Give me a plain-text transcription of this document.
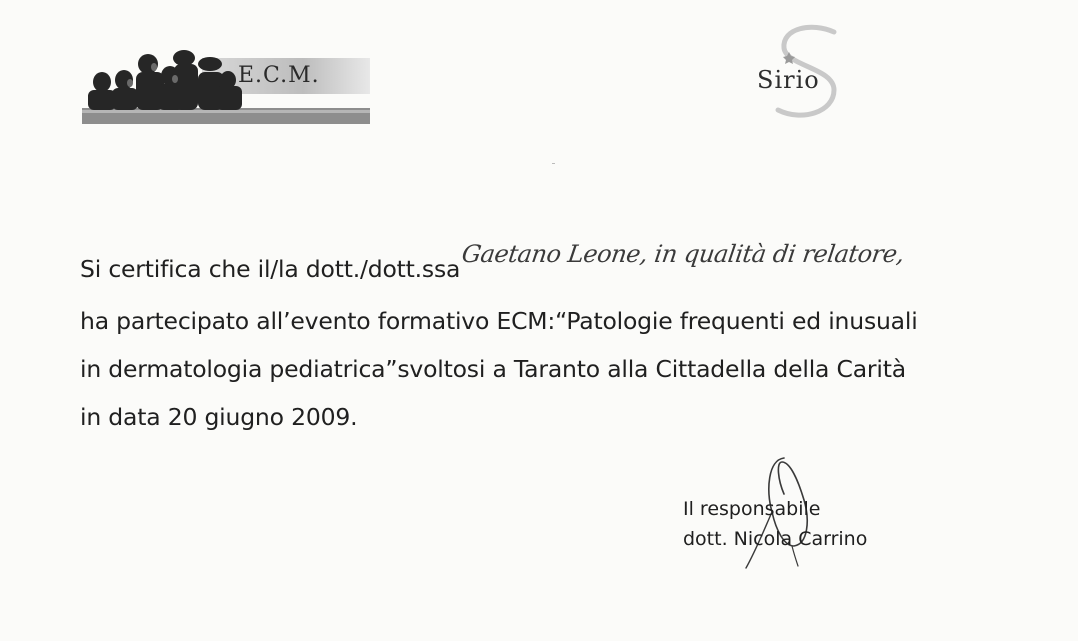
E.C.M.	Sirio
Si certifica che il/la dott./dott.ssa
Gaetano Leone, in qualità di relatore,
ha partecipato all’evento formativo ECM:“Patologie frequenti ed inusuali
in dermatologia pediatrica”svoltosi a Taranto alla Cittadella della Carità
in data 20 giugno 2009.
Il responsabile
dott. Nicola Carrino
